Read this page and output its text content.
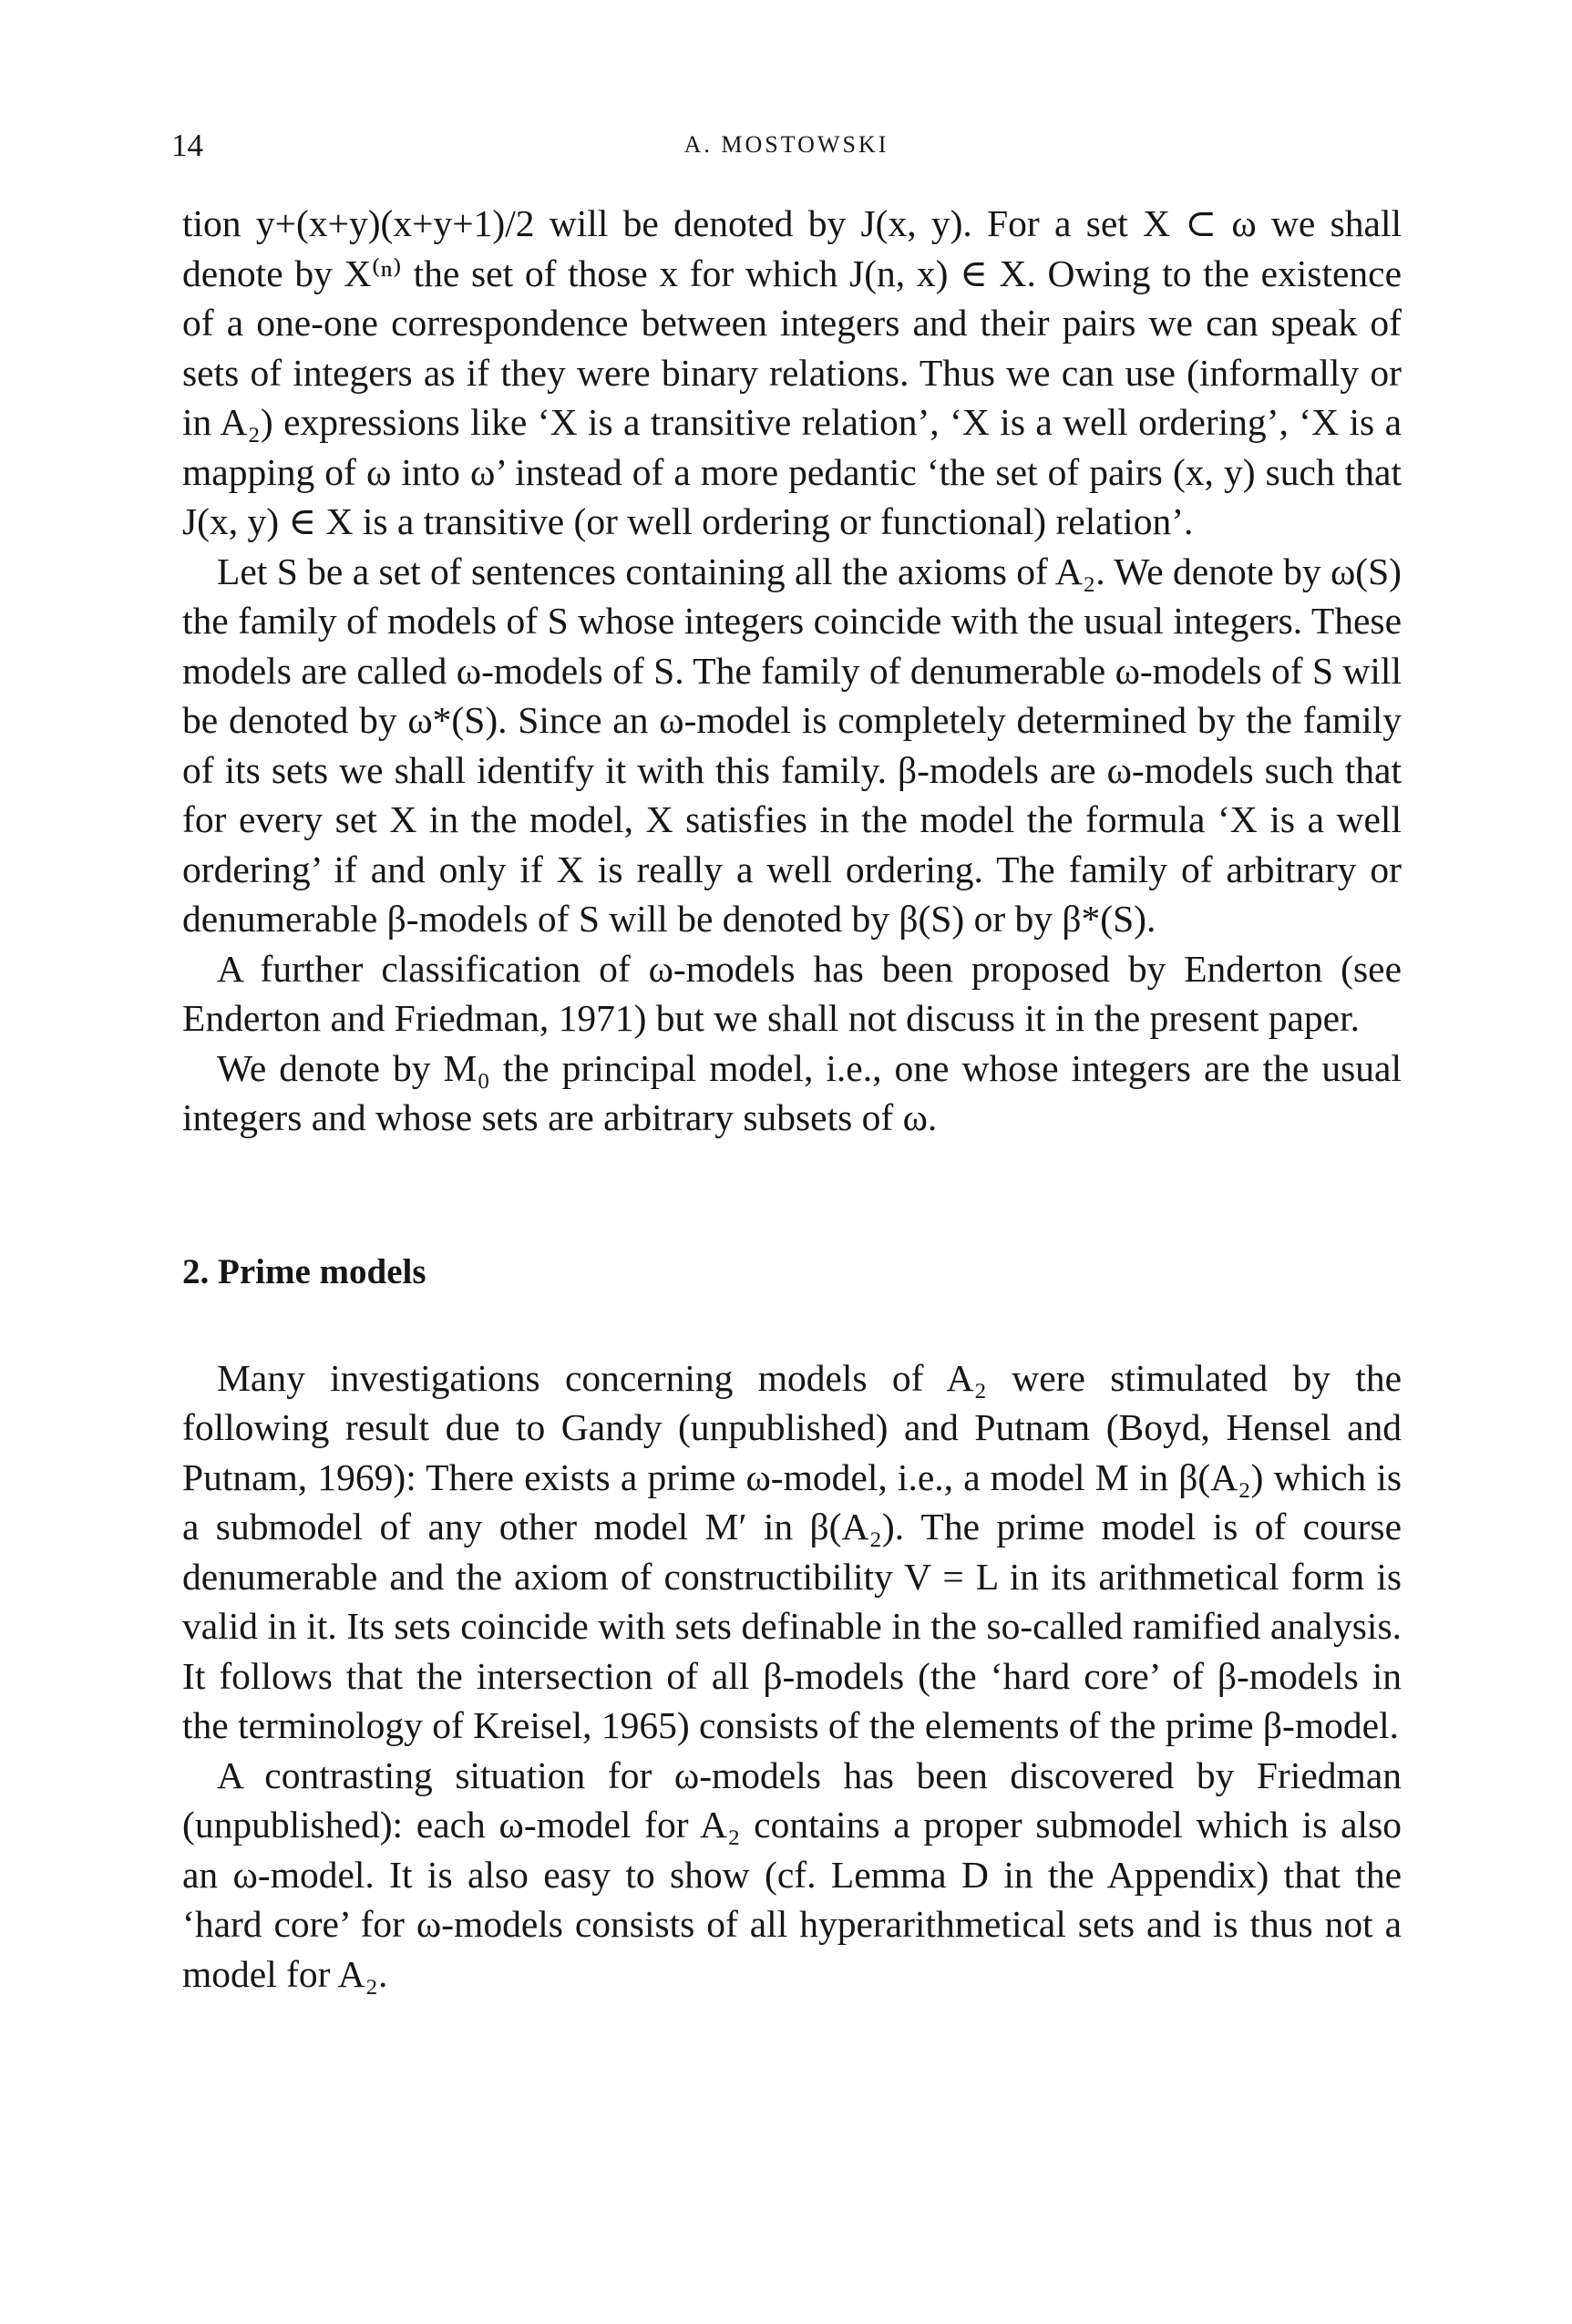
14	A. MOSTOWSKI

tion y+(x+y)(x+y+1)/2 will be denoted by J(x, y). For a set X ⊂ ω we shall denote by X⁽ⁿ⁾ the set of those x for which J(n, x) ∈ X. Owing to the existence of a one-one correspondence between integers and their pairs we can speak of sets of integers as if they were binary relations. Thus we can use (informally or in A₂) expressions like ‘X is a transitive relation’, ‘X is a well ordering’, ‘X is a mapping of ω into ω’ instead of a more pedantic ‘the set of pairs (x, y) such that J(x, y) ∈ X is a transitive (or well ordering or functional) relation’.

Let S be a set of sentences containing all the axioms of A₂. We denote by ω(S) the family of models of S whose integers coincide with the usual integers. These models are called ω-models of S. The family of denumerable ω-models of S will be denoted by ω*(S). Since an ω-model is completely determined by the family of its sets we shall identify it with this family. β-models are ω-models such that for every set X in the model, X satisfies in the model the formula ‘X is a well ordering’ if and only if X is really a well ordering. The family of arbitrary or denumerable β-models of S will be denoted by β(S) or by β*(S).

A further classification of ω-models has been proposed by Enderton (see Enderton and Friedman, 1971) but we shall not discuss it in the present paper.

We denote by M₀ the principal model, i.e., one whose integers are the usual integers and whose sets are arbitrary subsets of ω.

2. Prime models

Many investigations concerning models of A₂ were stimulated by the following result due to Gandy (unpublished) and Putnam (Boyd, Hensel and Putnam, 1969): There exists a prime ω-model, i.e., a model M in β(A₂) which is a submodel of any other model M′ in β(A₂). The prime model is of course denumerable and the axiom of constructibility V = L in its arithmetical form is valid in it. Its sets coincide with sets definable in the so-called ramified analysis. It follows that the intersection of all β-models (the ‘hard core’ of β-models in the terminology of Kreisel, 1965) consists of the elements of the prime β-model.

A contrasting situation for ω-models has been discovered by Friedman (unpublished): each ω-model for A₂ contains a proper submodel which is also an ω-model. It is also easy to show (cf. Lemma D in the Appendix) that the ‘hard core’ for ω-models consists of all hyperarithmetical sets and is thus not a model for A₂.
